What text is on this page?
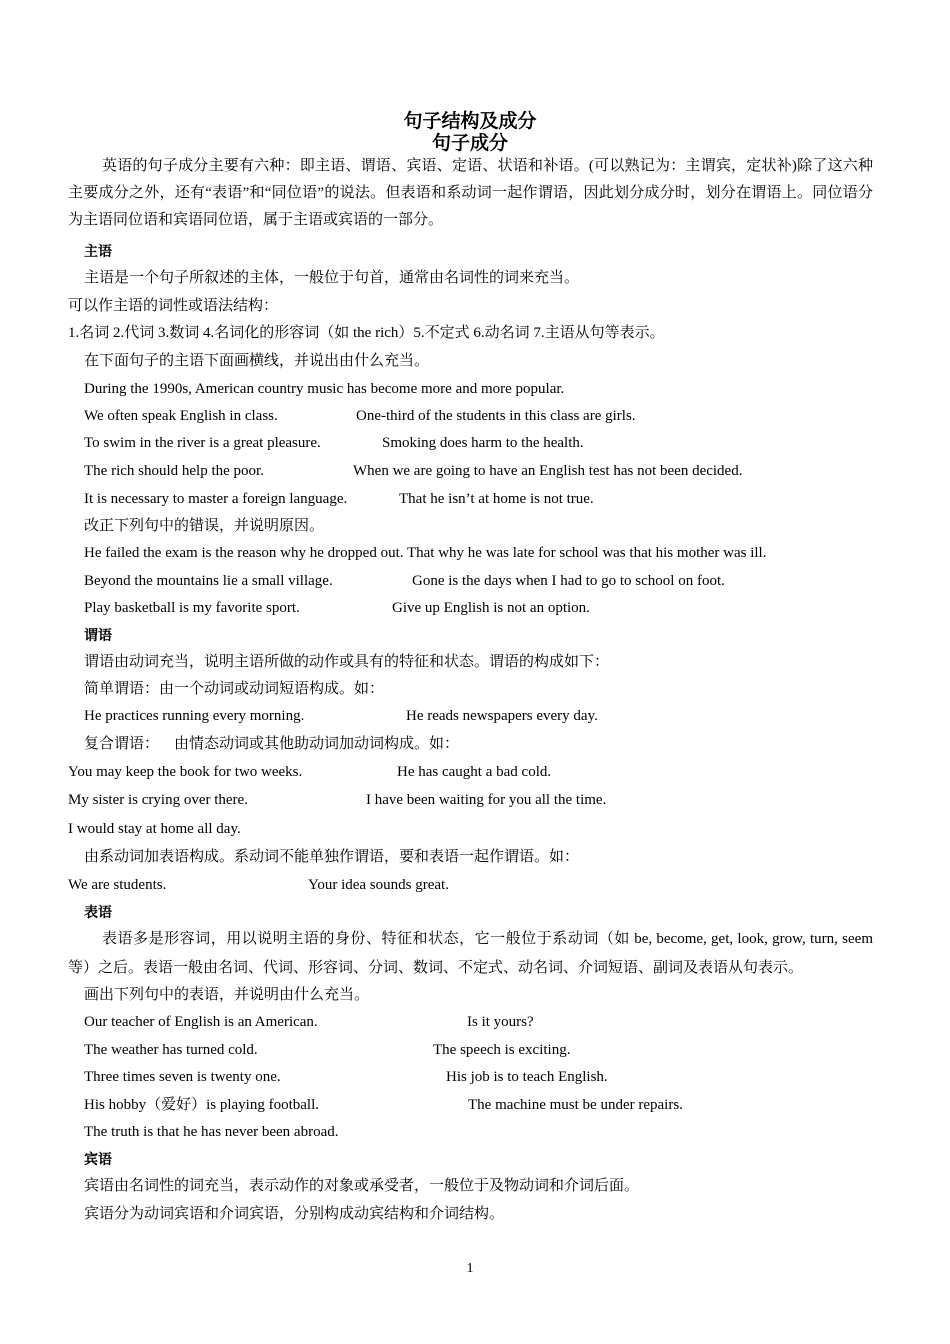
句子结构及成分
句子成分
英语的句子成分主要有六种：即主语、谓语、宾语、定语、状语和补语。(可以熟记为：主谓宾，定状补)除了这六种主要成分之外，还有“表语”和“同位语”的说法。但表语和系动词一起作谓语，因此划分成分时，划分在谓语上。同位语分为主语同位语和宾语同位语，属于主语或宾语的一部分。
主语
主语是一个句子所叙述的主体，一般位于句首，通常由名词性的词来充当。
可以作主语的词性或语法结构：
1.名词 2.代词 3.数词 4.名词化的形容词（如 the rich）5.不定式 6.动名词 7.主语从句等表示。
在下面句子的主语下面画横线，并说出由什么充当。
During the 1990s, American country music has become more and more popular.
We often speak English in class.	One-third of the students in this class are girls.
To swim in the river is a great pleasure.	Smoking does harm to the health.
The rich should help the poor.	When we are going to have an English test has not been decided.
It is necessary to master a foreign language.	That he isn’t at home is not true.
改正下列句中的错误，并说明原因。
He failed the exam is the reason why he dropped out. That why he was late for school was that his mother was ill.
Beyond the mountains lie a small village.	Gone is the days when I had to go to school on foot.
Play basketball is my favorite sport.	Give up English is not an option.
谓语
谓语由动词充当，说明主语所做的动作或具有的特征和状态。谓语的构成如下：
简单谓语：由一个动词或动词短语构成。如：
He practices running every morning.	He reads newspapers every day.
复合谓语：    由情态动词或其他助动词加动词构成。如：
You may keep the book for two weeks.	He has caught a bad cold.
My sister is crying over there.	I have been waiting for you all the time.
I would stay at home all day.
由系动词加表语构成。系动词不能单独作谓语，要和表语一起作谓语。如：
We are students.	Your idea sounds great.
表语
表语多是形容词，用以说明主语的身份、特征和状态，它一般位于系动词（如 be, become, get, look, grow, turn, seem 等）之后。表语一般由名词、代词、形容词、分词、数词、不定式、动名词、介词短语、副词及表语从句表示。
画出下列句中的表语，并说明由什么充当。
Our teacher of English is an American.	Is it yours?
The weather has turned cold.	The speech is exciting.
Three times seven is twenty one.	His job is to teach English.
His hobby（爱好）is playing football.	The machine must be under repairs.
The truth is that he has never been abroad.
宾语
宾语由名词性的词充当，表示动作的对象或承受者，一般位于及物动词和介词后面。
宾语分为动词宾语和介词宾语，分别构成动宾结构和介词结构。
1
